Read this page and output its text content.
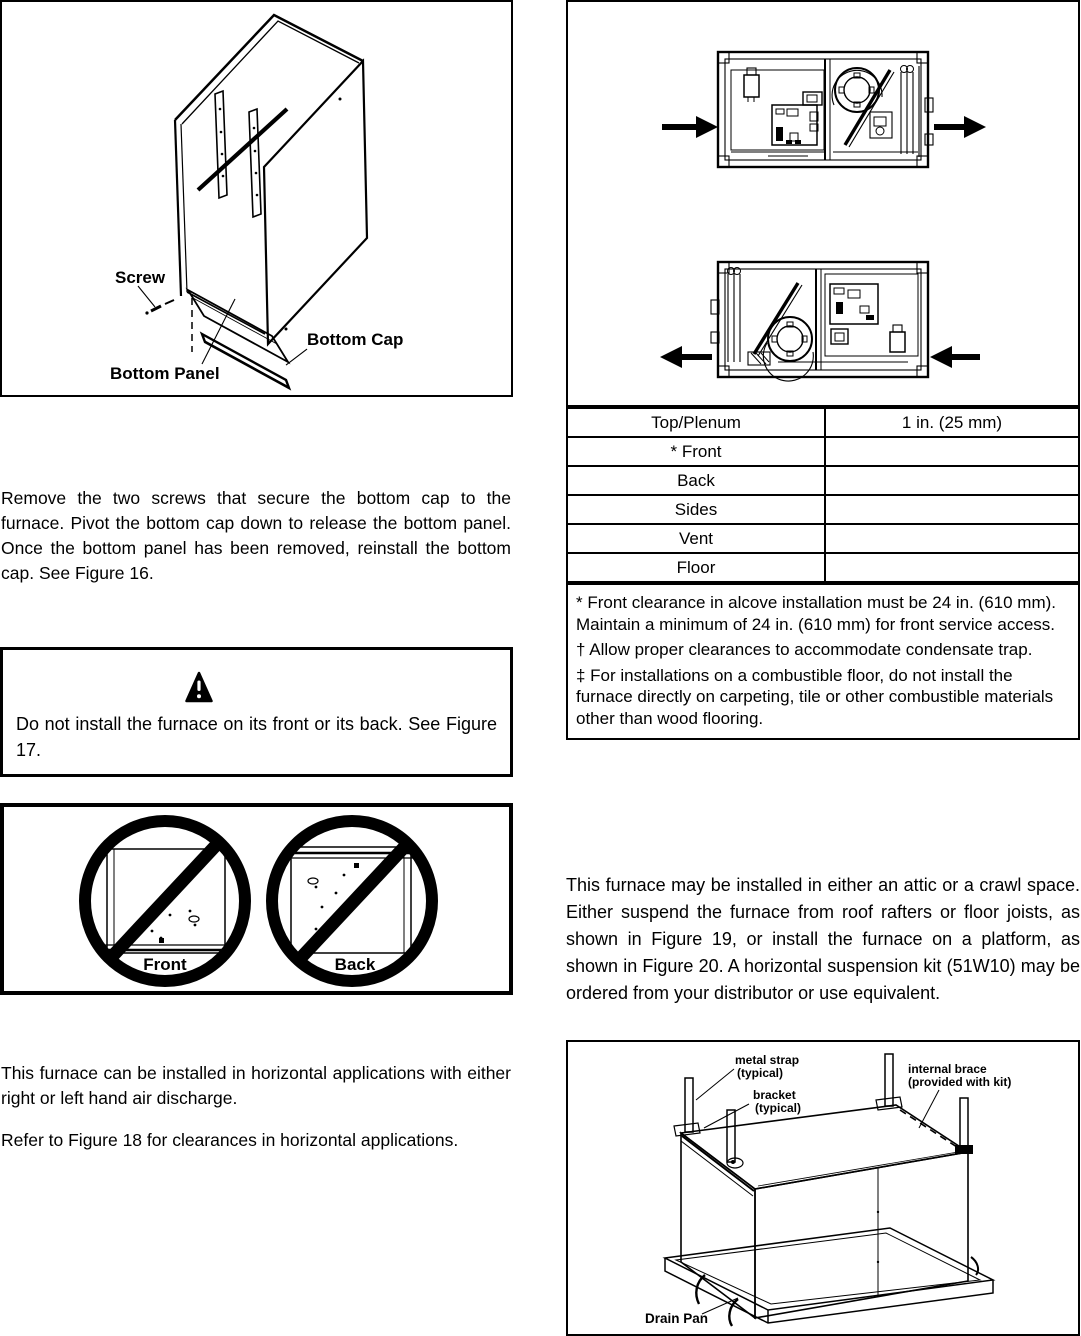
Screw
Bottom Cap
Bottom Panel
Remove the two screws that secure the bottom cap to the furnace. Pivot the bottom cap down to release the bottom panel. Once the bottom panel has been removed, reinstall the bottom cap. See Figure 16.
Do not install the furnace on its front or its back. See Figure 17.
Front	Back
This furnace can be installed in horizontal applications with either right or left hand air discharge.
Refer to Figure 18 for clearances in horizontal applications.
Top/Plenum	1 in. (25 mm)
* Front
Back
Sides
Vent
Floor

* Front clearance in alcove installation must be 24 in. (610 mm). Maintain a minimum of 24 in. (610 mm) for front service access.

† Allow proper clearances to accommodate condensate trap.

‡ For installations on a combustible floor, do not install the furnace directly on carpeting, tile or other combustible materials other than wood flooring.

This furnace may be installed in either an attic or a crawl space. Either suspend the furnace from roof rafters or floor joists, as shown in Figure 19, or install the furnace on a platform, as shown in Figure 20. A horizontal suspension kit (51W10) may be ordered from your distributor or use equivalent.
metal strap
(typical)
bracket
(typical)
internal brace
(provided with kit)
Drain Pan
